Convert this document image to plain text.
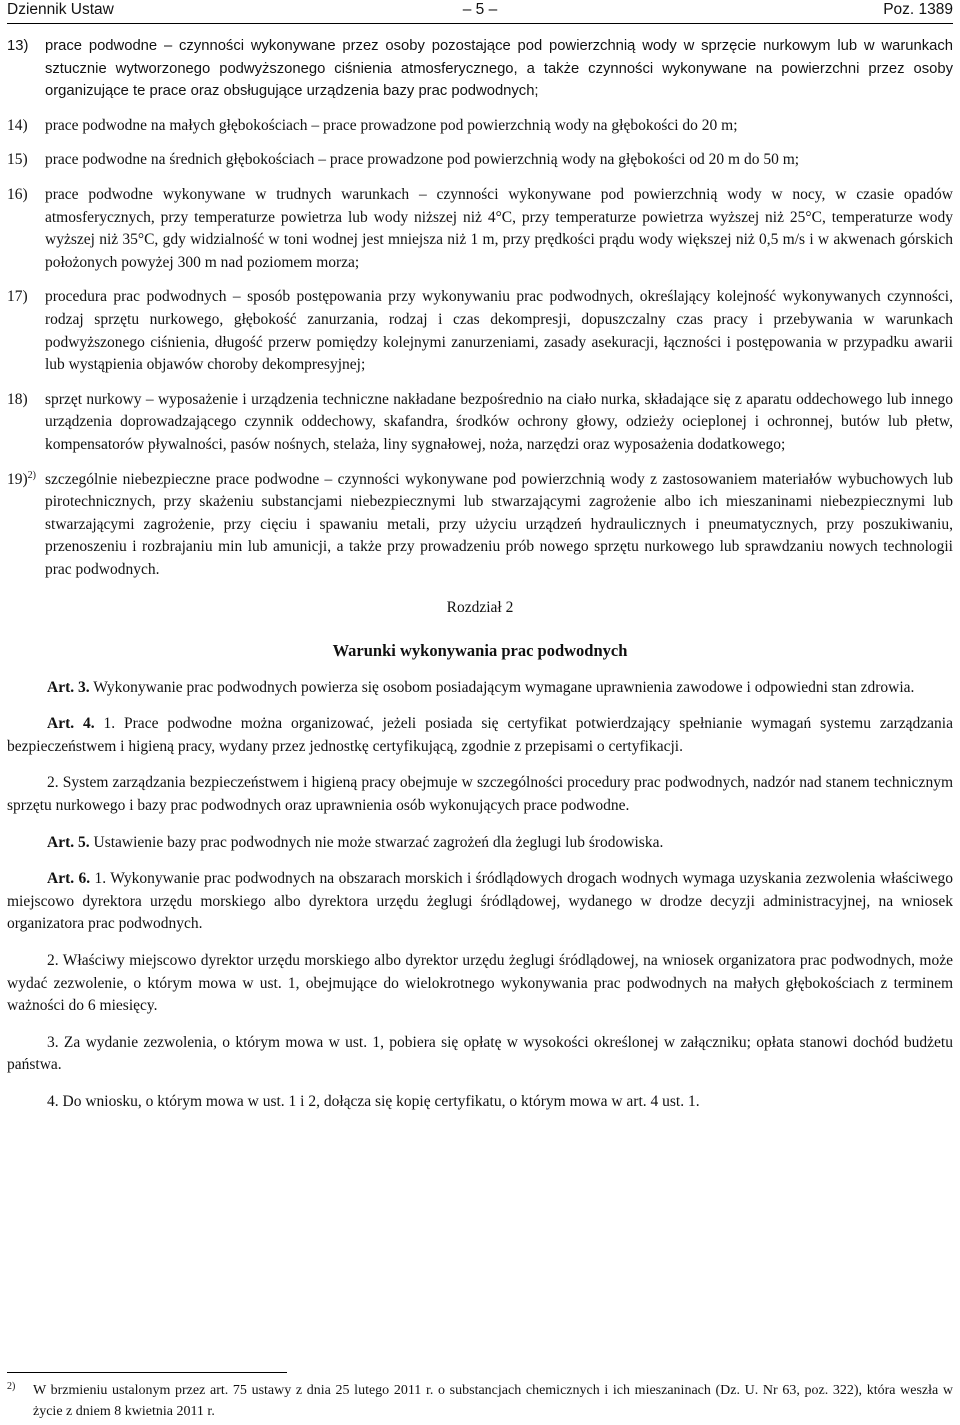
Dziennik Ustaw	– 5 –	Poz. 1389
13)	prace podwodne – czynności wykonywane przez osoby pozostające pod powierzchnią wody w sprzęcie nurkowym lub w warunkach sztucznie wytworzonego podwyższonego ciśnienia atmosferycznego, a także czynności wykonywane na powierzchni przez osoby organizujące te prace oraz obsługujące urządzenia bazy prac podwodnych;
14)	prace podwodne na małych głębokościach – prace prowadzone pod powierzchnią wody na głębokości do 20 m;
15)	prace podwodne na średnich głębokościach – prace prowadzone pod powierzchnią wody na głębokości od 20 m do 50 m;
16)	prace podwodne wykonywane w trudnych warunkach – czynności wykonywane pod powierzchnią wody w nocy, w czasie opadów atmosferycznych, przy temperaturze powietrza lub wody niższej niż 4°C, przy temperaturze powietrza wyższej niż 25°C, temperaturze wody wyższej niż 35°C, gdy widzialność w toni wodnej jest mniejsza niż 1 m, przy prędkości prądu wody większej niż 0,5 m/s i w akwenach górskich położonych powyżej 300 m nad poziomem morza;
17)	procedura prac podwodnych – sposób postępowania przy wykonywaniu prac podwodnych, określający kolejność wykonywanych czynności, rodzaj sprzętu nurkowego, głębokość zanurzania, rodzaj i czas dekompresji, dopuszczalny czas pracy i przebywania w warunkach podwyższonego ciśnienia, długość przerw pomiędzy kolejnymi zanurzeniami, zasady asekuracji, łączności i postępowania w przypadku awarii lub wystąpienia objawów choroby dekompresyjnej;
18)	sprzęt nurkowy – wyposażenie i urządzenia techniczne nakładane bezpośrednio na ciało nurka, składające się z aparatu oddechowego lub innego urządzenia doprowadzającego czynnik oddechowy, skafandra, środków ochrony głowy, odzieży ocieplonej i ochronnej, butów lub płetw, kompensatorów pływalności, pasów nośnych, stelaża, liny sygnałowej, noża, narzędzi oraz wyposażenia dodatkowego;
19)$^{2)}$ szczególnie niebezpieczne prace podwodne – czynności wykonywane pod powierzchnią wody z zastosowaniem materiałów wybuchowych lub pirotechnicznych, przy skażeniu substancjami niebezpiecznymi lub stwarzającymi zagrożenie albo ich mieszaninami niebezpiecznymi lub stwarzającymi zagrożenie, przy cięciu i spawaniu metali, przy użyciu urządzeń hydraulicznych i pneumatycznych, przy poszukiwaniu, przenoszeniu i rozbrajaniu min lub amunicji, a także przy prowadzeniu prób nowego sprzętu nurkowego lub sprawdzaniu nowych technologii prac podwodnych.
Rozdział 2
Warunki wykonywania prac podwodnych
Art. 3. Wykonywanie prac podwodnych powierza się osobom posiadającym wymagane uprawnienia zawodowe i odpowiedni stan zdrowia.
Art. 4. 1. Prace podwodne można organizować, jeżeli posiada się certyfikat potwierdzający spełnianie wymagań systemu zarządzania bezpieczeństwem i higieną pracy, wydany przez jednostkę certyfikującą, zgodnie z przepisami o certyfikacji.
2. System zarządzania bezpieczeństwem i higieną pracy obejmuje w szczególności procedury prac podwodnych, nadzór nad stanem technicznym sprzętu nurkowego i bazy prac podwodnych oraz uprawnienia osób wykonujących prace podwodne.
Art. 5. Ustawienie bazy prac podwodnych nie może stwarzać zagrożeń dla żeglugi lub środowiska.
Art. 6. 1. Wykonywanie prac podwodnych na obszarach morskich i śródlądowych drogach wodnych wymaga uzyskania zezwolenia właściwego miejscowo dyrektora urzędu morskiego albo dyrektora urzędu żeglugi śródlądowej, wydanego w drodze decyzji administracyjnej, na wniosek organizatora prac podwodnych.
2. Właściwy miejscowo dyrektor urzędu morskiego albo dyrektor urzędu żeglugi śródlądowej, na wniosek organizatora prac podwodnych, może wydać zezwolenie, o którym mowa w ust. 1, obejmujące do wielokrotnego wykonywania prac podwodnych na małych głębokościach z terminem ważności do 6 miesięcy.
3. Za wydanie zezwolenia, o którym mowa w ust. 1, pobiera się opłatę w wysokości określonej w załączniku; opłata stanowi dochód budżetu państwa.
4. Do wniosku, o którym mowa w ust. 1 i 2, dołącza się kopię certyfikatu, o którym mowa w art. 4 ust. 1.
2)	W brzmieniu ustalonym przez art. 75 ustawy z dnia 25 lutego 2011 r. o substancjach chemicznych i ich mieszaninach (Dz. U. Nr 63, poz. 322), która weszła w życie z dniem 8 kwietnia 2011 r.
